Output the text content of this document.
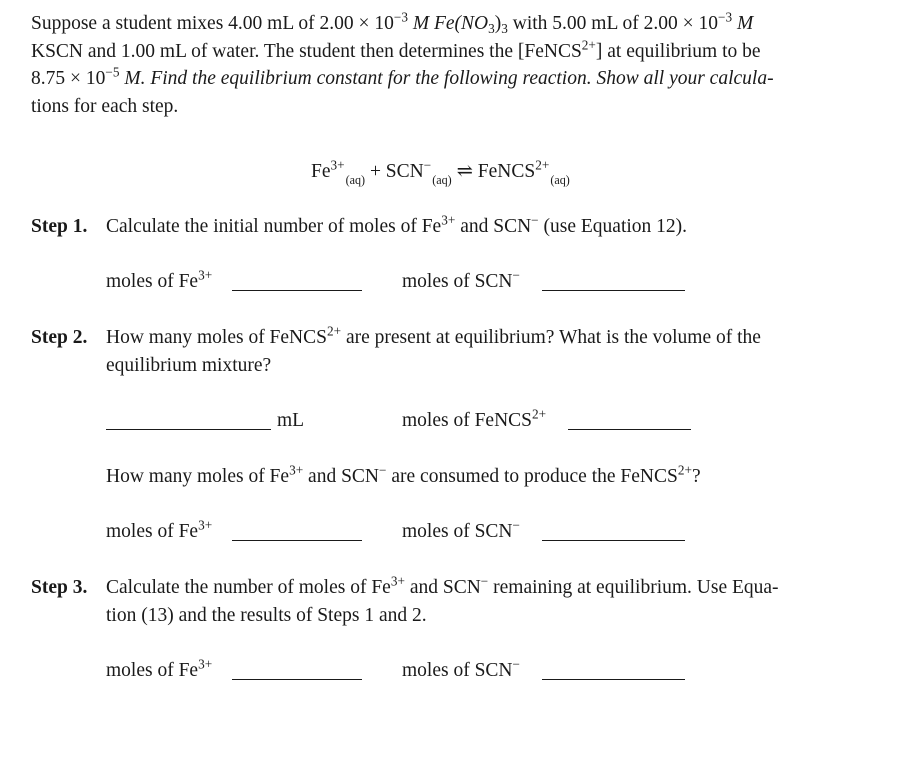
Suppose a student mixes 4.00 mL of $2.00 \times 10^{-3}$ M $Fe(NO_3)_3$ with 5.00 mL of $2.00 \times 10^{-3}$ M
KSCN and 1.00 mL of water. The student then determines the [FeNCS$^{2+}$] at equilibrium to be
$8.75 \times 10^{-5}$ M. Find the equilibrium constant for the following reaction. Show all your calcula-
tions for each step.
$Fe^{3+}_{(aq)} + SCN^-_{(aq)}$ ⇌ FeNCS$^{2+}_{(aq)}$
Step 1. Calculate the initial number of moles of $Fe^{3+}$ and SCN− (use Equation 12).
moles of $Fe^{3+}$	moles of SCN−
Step 2. How many moles of FeNCS$^{2+}$ are present at equilibrium? What is the volume of the
equilibrium mixture?
mL	moles of FeNCS$^{2+}$
How many moles of $Fe^{3+}$ and SCN− are consumed to produce the FeNCS$^{2+}$?
moles of $Fe^{3+}$	moles of SCN−
Step 3. Calculate the number of moles of $Fe^{3+}$ and SCN− remaining at equilibrium. Use Equa-
tion (13) and the results of Steps 1 and 2.
moles of $Fe^{3+}$	moles of SCN−
